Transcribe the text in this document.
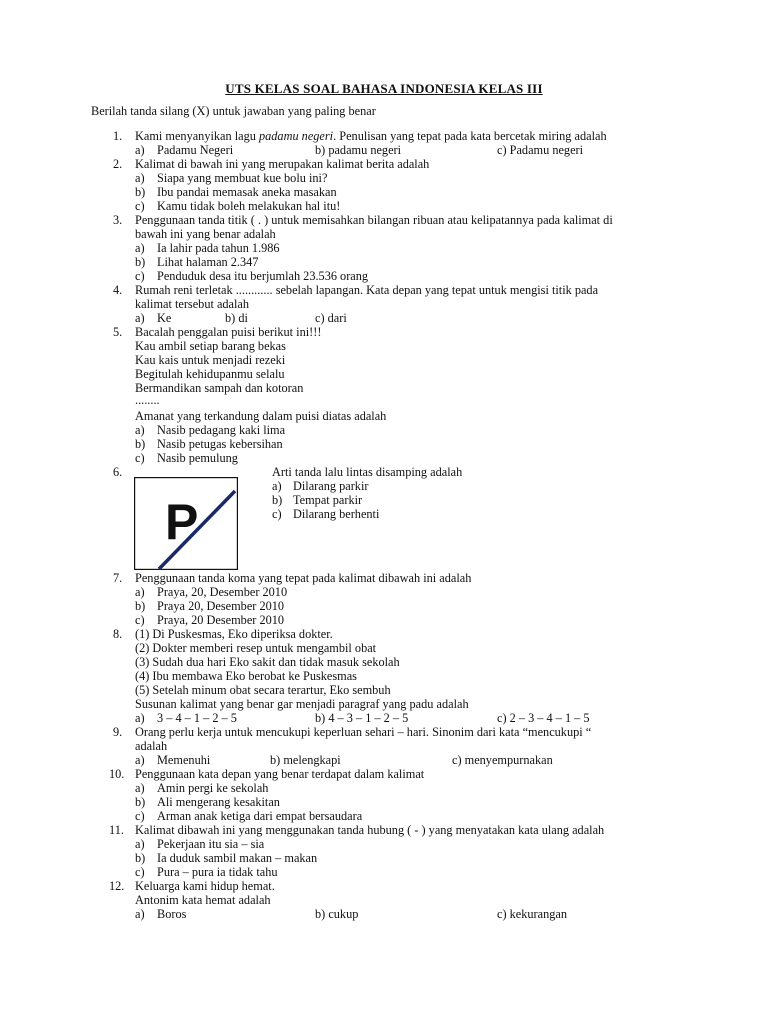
UTS KELAS SOAL BAHASA INDONESIA KELAS III
Berilah tanda silang (X) untuk jawaban yang paling benar
1. Kami menyanyikan lagu padamu negeri. Penulisan yang tepat pada kata bercetak miring adalah
a) Padamu Negeri	b) padamu negeri	c) Padamu negeri
2. Kalimat di bawah ini yang merupakan kalimat berita adalah
a) Siapa yang membuat kue bolu ini?
b) Ibu pandai memasak aneka masakan
c) Kamu tidak boleh melakukan hal itu!
3. Penggunaan tanda titik ( . ) untuk memisahkan bilangan ribuan atau kelipatannya pada kalimat di
bawah ini yang benar adalah
a) Ia lahir pada tahun 1.986
b) Lihat halaman 2.347
c) Penduduk desa itu berjumlah 23.536 orang
4. Rumah reni terletak ............ sebelah lapangan. Kata depan yang tepat untuk mengisi titik pada
kalimat tersebut adalah
a) Ke	b) di	c) dari
5. Bacalah penggalan puisi berikut ini!!!
Kau ambil setiap barang bekas
Kau kais untuk menjadi rezeki
Begitulah kehidupanmu selalu
Bermandikan sampah dan kotoran
........
Amanat yang terkandung dalam puisi diatas adalah
a) Nasib pedagang kaki lima
b) Nasib petugas kebersihan
c) Nasib pemulung
6.	Arti tanda lalu lintas disamping adalah
P
a) Dilarang parkir
b) Tempat parkir
c) Dilarang berhenti
7. Penggunaan tanda koma yang tepat pada kalimat dibawah ini adalah
a) Praya, 20, Desember 2010
b) Praya 20, Desember 2010
c) Praya, 20 Desember 2010
8. (1) Di Puskesmas, Eko diperiksa dokter.
(2) Dokter memberi resep untuk mengambil obat
(3) Sudah dua hari Eko sakit dan tidak masuk sekolah
(4) Ibu membawa Eko berobat ke Puskesmas
(5) Setelah minum obat secara terartur, Eko sembuh
Susunan kalimat yang benar gar menjadi paragraf yang padu adalah
a) 3 – 4 – 1 – 2 – 5	b) 4 – 3 – 1 – 2 – 5	c) 2 – 3 – 4 – 1 – 5
9. Orang perlu kerja untuk mencukupi keperluan sehari – hari. Sinonim dari kata “mencukupi “
adalah
a) Memenuhi	b) melengkapi	c) menyempurnakan
10. Penggunaan kata depan yang benar terdapat dalam kalimat
a) Amin pergi ke sekolah
b) Ali mengerang kesakitan
c) Arman anak ketiga dari empat bersaudara
11. Kalimat dibawah ini yang menggunakan tanda hubung ( - ) yang menyatakan kata ulang adalah
a) Pekerjaan itu sia – sia
b) Ia duduk sambil makan – makan
c) Pura – pura ia tidak tahu
12. Keluarga kami hidup hemat.
Antonim kata hemat adalah
a) Boros	b) cukup	c) kekurangan
